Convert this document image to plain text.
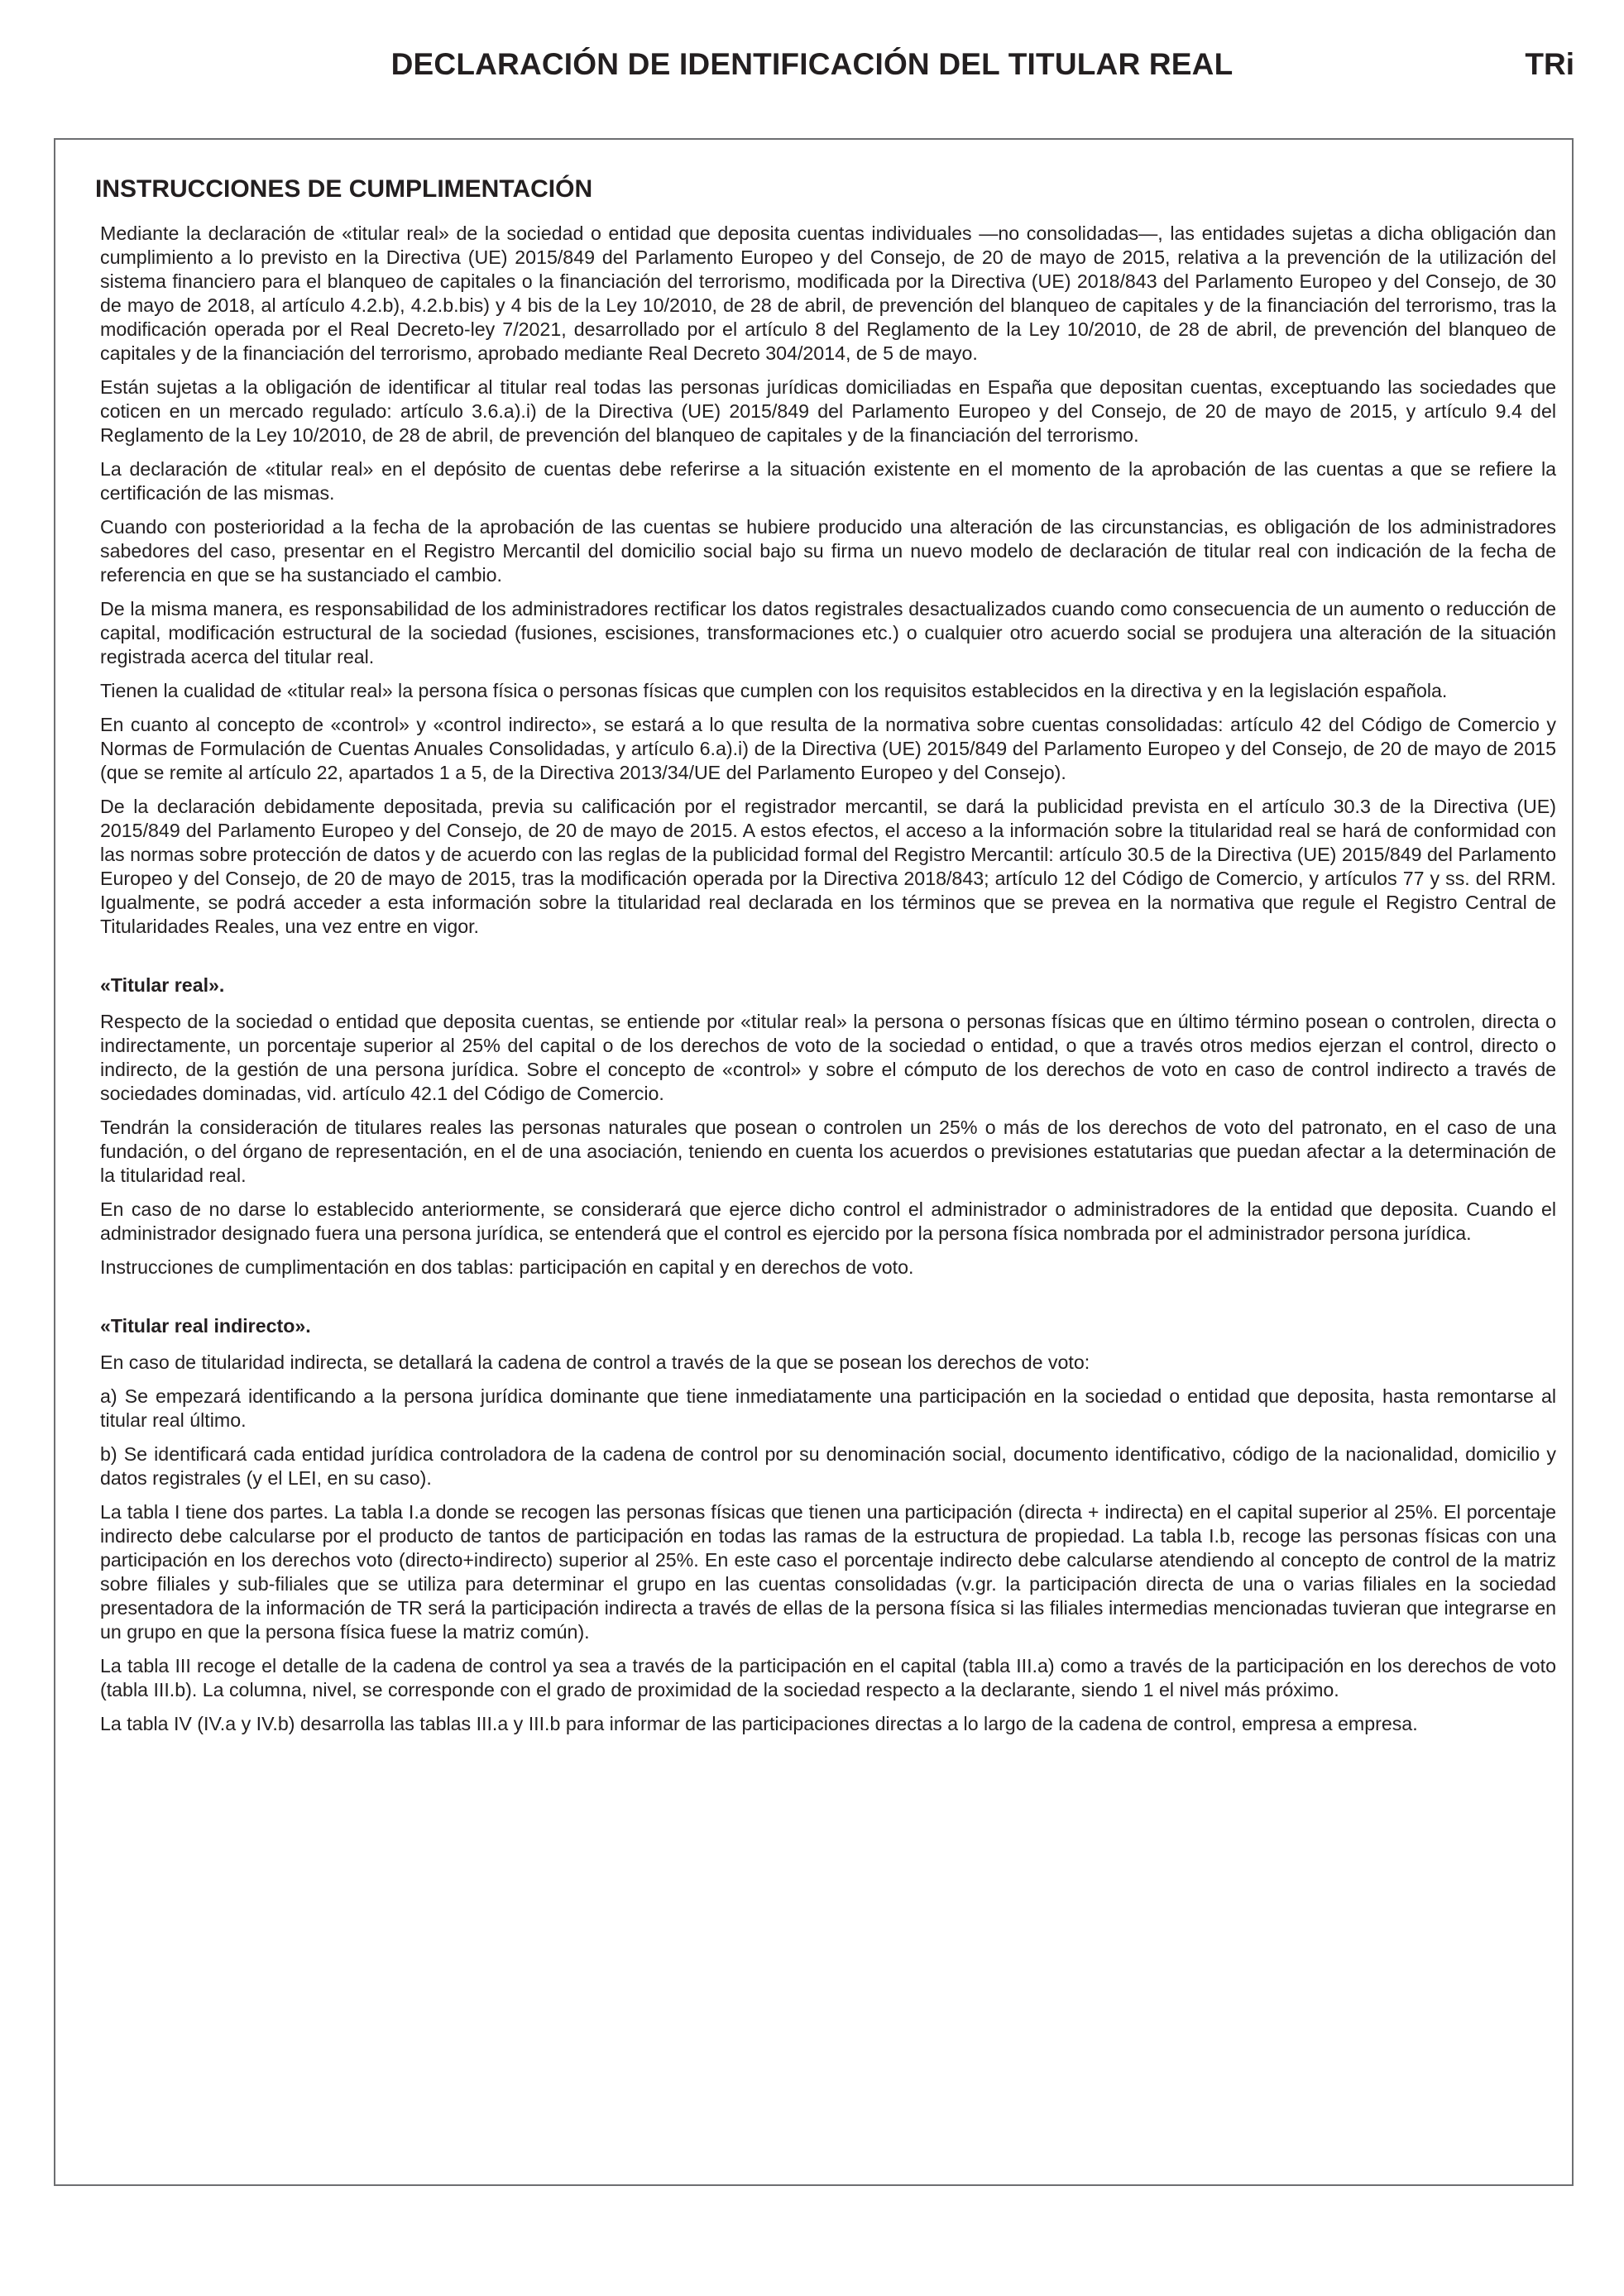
DECLARACIÓN DE IDENTIFICACIÓN DEL TITULAR REAL	TRi
INSTRUCCIONES DE CUMPLIMENTACIÓN

Mediante la declaración de «titular real» de la sociedad o entidad que deposita cuentas individuales —no consolidadas—, las entidades sujetas a dicha obligación dan cumplimiento a lo previsto en la Directiva (UE) 2015/849 del Parlamento Europeo y del Consejo, de 20 de mayo de 2015, relativa a la prevención de la utilización del sistema financiero para el blanqueo de capitales o la financiación del terrorismo, modificada por la Directiva (UE) 2018/843 del Parlamento Europeo y del Consejo, de 30 de mayo de 2018, al artículo 4.2.b), 4.2.b.bis) y 4 bis de la Ley 10/2010, de 28 de abril, de prevención del blanqueo de capitales y de la financiación del terrorismo, tras la modificación operada por el Real Decreto-ley 7/2021, desarrollado por el artículo 8 del Reglamento de la Ley 10/2010, de 28 de abril, de prevención del blanqueo de capitales y de la financiación del terrorismo, aprobado mediante Real Decreto 304/2014, de 5 de mayo.

Están sujetas a la obligación de identificar al titular real todas las personas jurídicas domiciliadas en España que depositan cuentas, exceptuando las sociedades que coticen en un mercado regulado: artículo 3.6.a).i) de la Directiva (UE) 2015/849 del Parlamento Europeo y del Consejo, de 20 de mayo de 2015, y artículo 9.4 del Reglamento de la Ley 10/2010, de 28 de abril, de prevención del blanqueo de capitales y de la financiación del terrorismo.

La declaración de «titular real» en el depósito de cuentas debe referirse a la situación existente en el momento de la aprobación de las cuentas a que se refiere la certificación de las mismas.

Cuando con posterioridad a la fecha de la aprobación de las cuentas se hubiere producido una alteración de las circunstancias, es obligación de los administradores sabedores del caso, presentar en el Registro Mercantil del domicilio social bajo su firma un nuevo modelo de declaración de titular real con indicación de la fecha de referencia en que se ha sustanciado el cambio.

De la misma manera, es responsabilidad de los administradores rectificar los datos registrales desactualizados cuando como consecuencia de un aumento o reducción de capital, modificación estructural de la sociedad (fusiones, escisiones, transformaciones etc.) o cualquier otro acuerdo social se produjera una alteración de la situación registrada acerca del titular real.

Tienen la cualidad de «titular real» la persona física o personas físicas que cumplen con los requisitos establecidos en la directiva y en la legislación española.

En cuanto al concepto de «control» y «control indirecto», se estará a lo que resulta de la normativa sobre cuentas consolidadas: artículo 42 del Código de Comercio y Normas de Formulación de Cuentas Anuales Consolidadas, y artículo 6.a).i) de la Directiva (UE) 2015/849 del Parlamento Europeo y del Consejo, de 20 de mayo de 2015 (que se remite al artículo 22, apartados 1 a 5, de la Directiva 2013/34/UE del Parlamento Europeo y del Consejo).

De la declaración debidamente depositada, previa su calificación por el registrador mercantil, se dará la publicidad prevista en el artículo 30.3 de la Directiva (UE) 2015/849 del Parlamento Europeo y del Consejo, de 20 de mayo de 2015. A estos efectos, el acceso a la información sobre la titularidad real se hará de conformidad con las normas sobre protección de datos y de acuerdo con las reglas de la publicidad formal del Registro Mercantil: artículo 30.5 de la Directiva (UE) 2015/849 del Parlamento Europeo y del Consejo, de 20 de mayo de 2015, tras la modificación operada por la Directiva 2018/843; artículo 12 del Código de Comercio, y artículos 77 y ss. del RRM. Igualmente, se podrá acceder a esta información sobre la titularidad real declarada en los términos que se prevea en la normativa que regule el Registro Central de Titularidades Reales, una vez entre en vigor.

«Titular real».

Respecto de la sociedad o entidad que deposita cuentas, se entiende por «titular real» la persona o personas físicas que en último término posean o controlen, directa o indirectamente, un porcentaje superior al 25% del capital o de los derechos de voto de la sociedad o entidad, o que a través otros medios ejerzan el control, directo o indirecto, de la gestión de una persona jurídica. Sobre el concepto de «control» y sobre el cómputo de los derechos de voto en caso de control indirecto a través de sociedades dominadas, vid. artículo 42.1 del Código de Comercio.

Tendrán la consideración de titulares reales las personas naturales que posean o controlen un 25% o más de los derechos de voto del patronato, en el caso de una fundación, o del órgano de representación, en el de una asociación, teniendo en cuenta los acuerdos o previsiones estatutarias que puedan afectar a la determinación de la titularidad real.

En caso de no darse lo establecido anteriormente, se considerará que ejerce dicho control el administrador o administradores de la entidad que deposita. Cuando el administrador designado fuera una persona jurídica, se entenderá que el control es ejercido por la persona física nombrada por el administrador persona jurídica.

Instrucciones de cumplimentación en dos tablas: participación en capital y en derechos de voto.

«Titular real indirecto».

En caso de titularidad indirecta, se detallará la cadena de control a través de la que se posean los derechos de voto:

a) Se empezará identificando a la persona jurídica dominante que tiene inmediatamente una participación en la sociedad o entidad que deposita, hasta remontarse al titular real último.

b) Se identificará cada entidad jurídica controladora de la cadena de control por su denominación social, documento identificativo, código de la nacionalidad, domicilio y datos registrales (y el LEI, en su caso).

La tabla I tiene dos partes. La tabla I.a donde se recogen las personas físicas que tienen una participación (directa + indirecta) en el capital superior al 25%. El porcentaje indirecto debe calcularse por el producto de tantos de participación en todas las ramas de la estructura de propiedad. La tabla I.b, recoge las personas físicas con una participación en los derechos voto (directo+indirecto) superior al 25%. En este caso el porcentaje indirecto debe calcularse atendiendo al concepto de control de la matriz sobre filiales y sub-filiales que se utiliza para determinar el grupo en las cuentas consolidadas (v.gr. la participación directa de una o varias filiales en la sociedad presentadora de la información de TR será la participación indirecta a través de ellas de la persona física si las filiales intermedias mencionadas tuvieran que integrarse en un grupo en que la persona física fuese la matriz común).

La tabla III recoge el detalle de la cadena de control ya sea a través de la participación en el capital (tabla III.a) como a través de la participación en los derechos de voto (tabla III.b). La columna, nivel, se corresponde con el grado de proximidad de la sociedad respecto a la declarante, siendo 1 el nivel más próximo.

La tabla IV (IV.a y IV.b) desarrolla las tablas III.a y III.b para informar de las participaciones directas a lo largo de la cadena de control, empresa a empresa.
